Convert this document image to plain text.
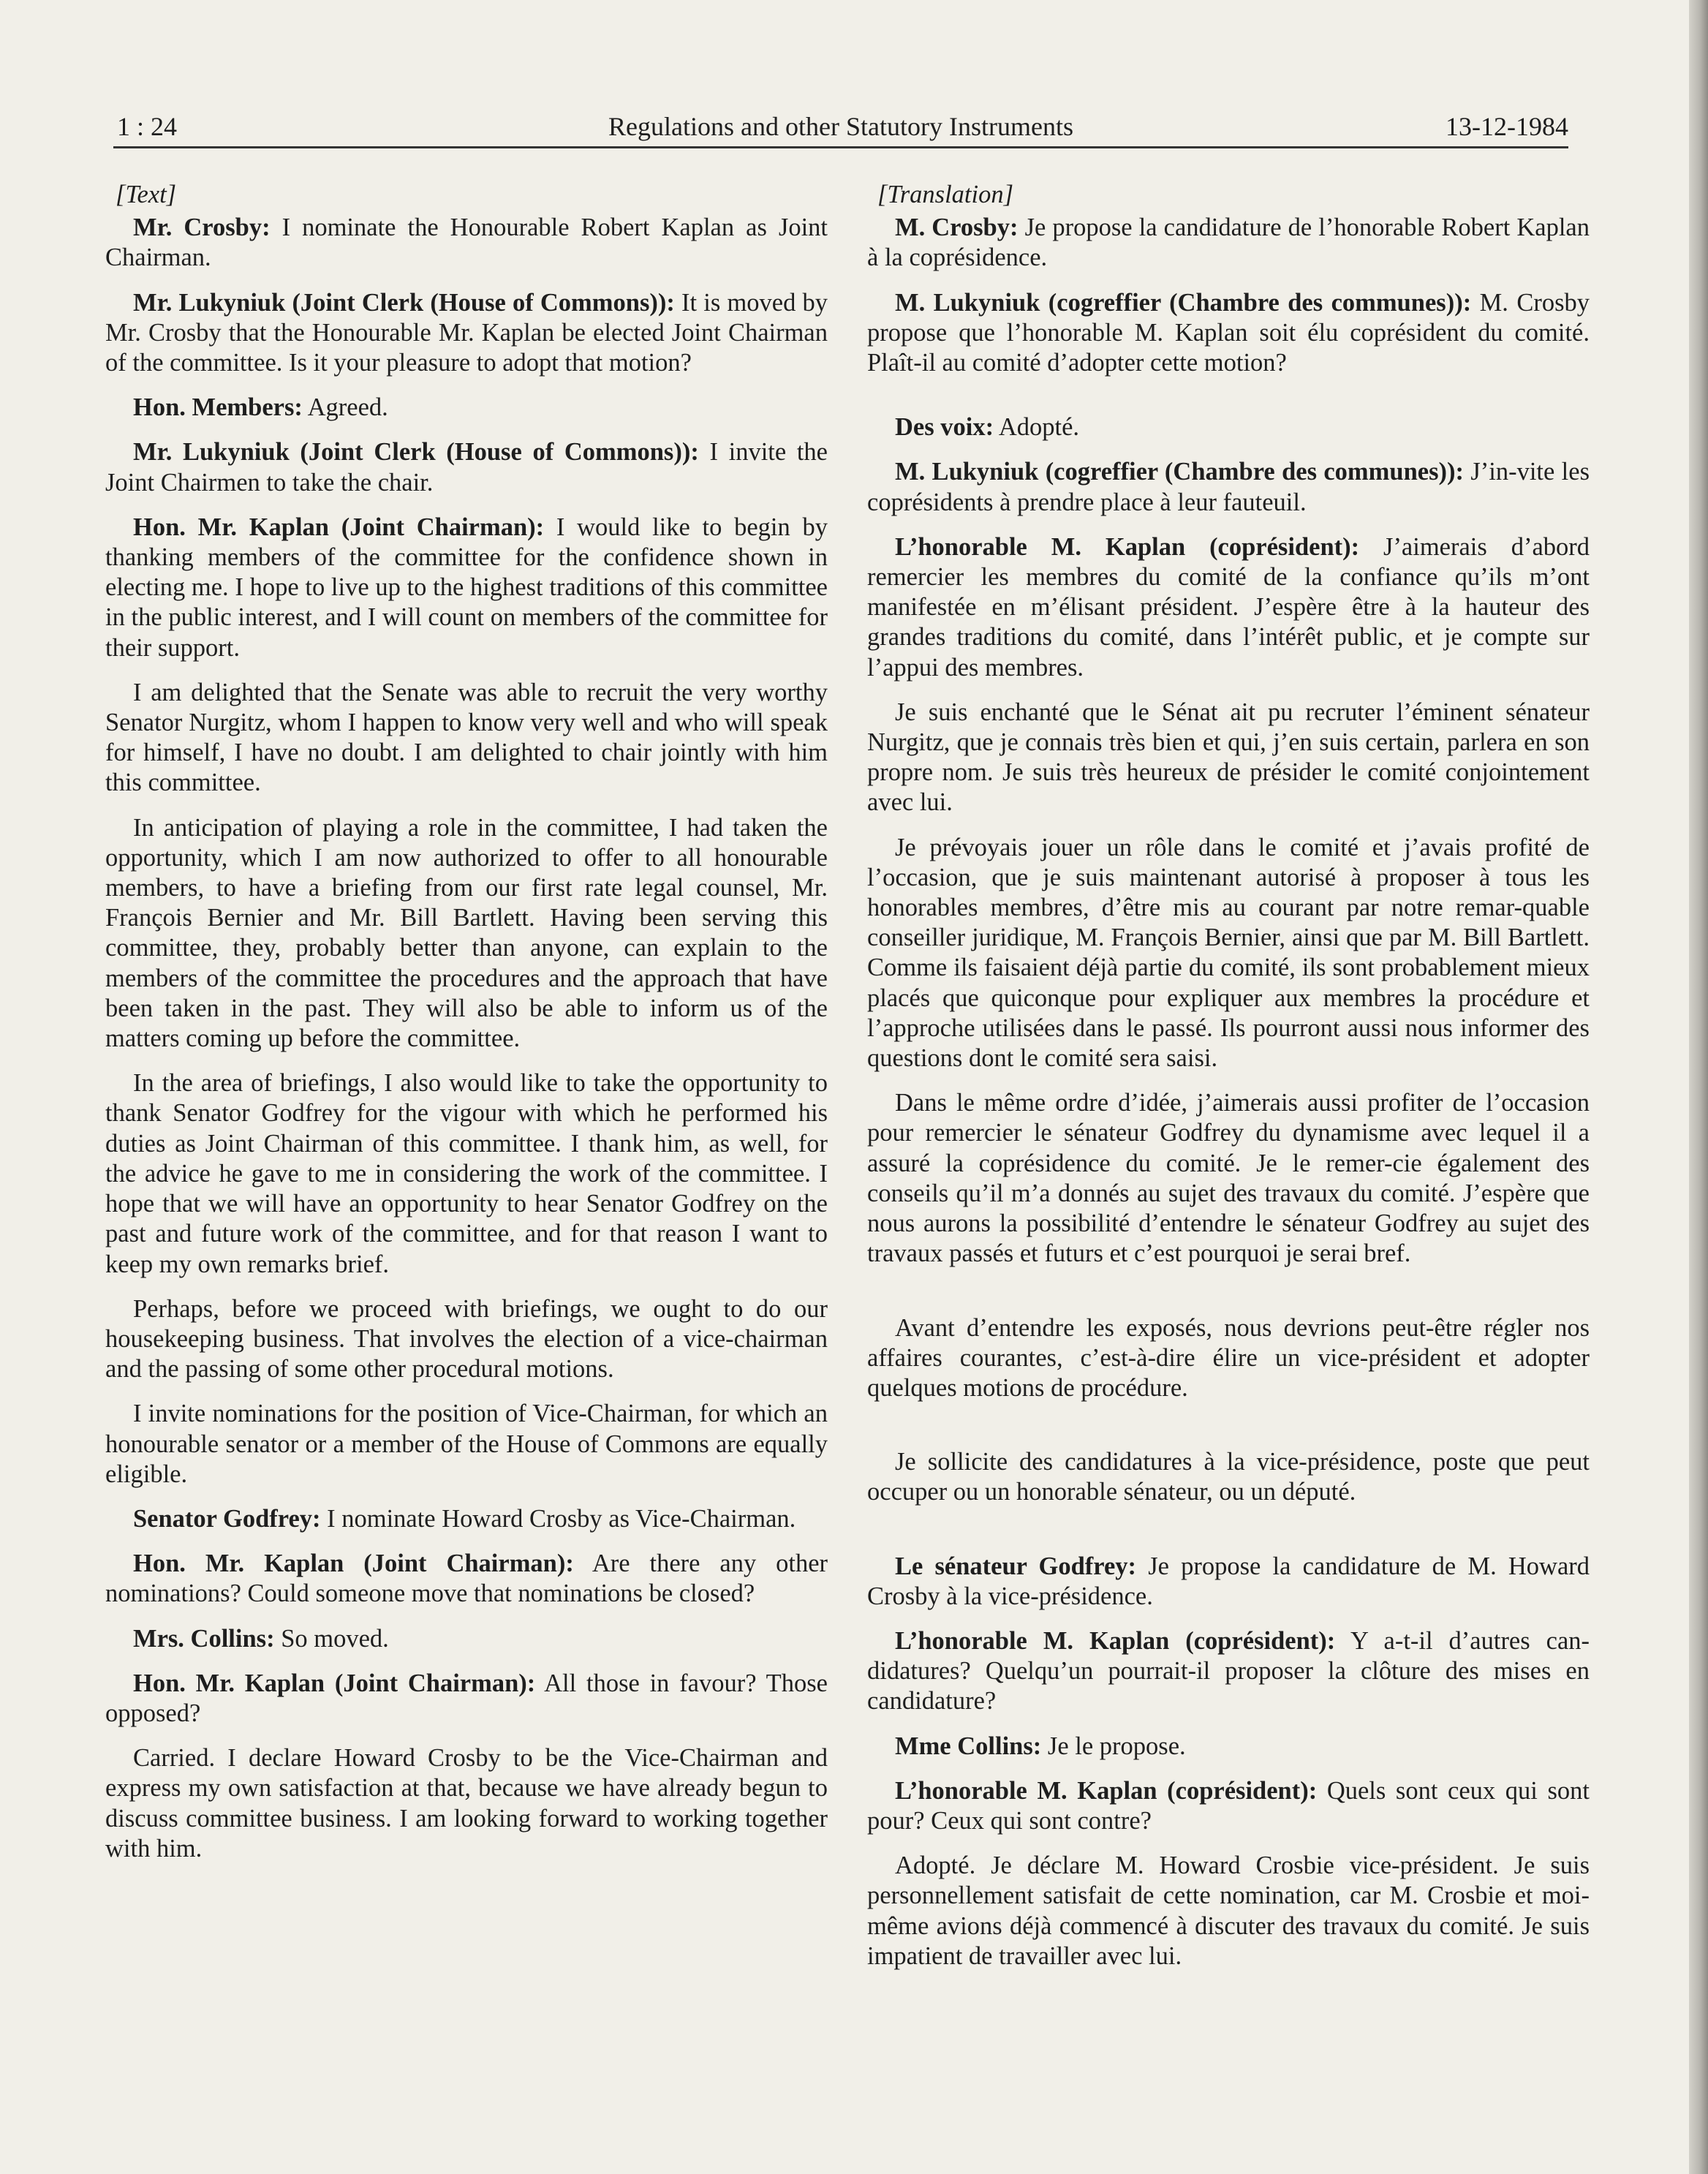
1 : 24	Regulations and other Statutory Instruments	13-12-1984

[Text]

Mr. Crosby: I nominate the Honourable Robert Kaplan as Joint Chairman.

Mr. Lukyniuk (Joint Clerk (House of Commons)): It is moved by Mr. Crosby that the Honourable Mr. Kaplan be elected Joint Chairman of the committee. Is it your pleasure to adopt that motion?

Hon. Members: Agreed.

Mr. Lukyniuk (Joint Clerk (House of Commons)): I invite the Joint Chairmen to take the chair.

Hon. Mr. Kaplan (Joint Chairman): I would like to begin by thanking members of the committee for the confidence shown in electing me. I hope to live up to the highest traditions of this committee in the public interest, and I will count on members of the committee for their support.

I am delighted that the Senate was able to recruit the very worthy Senator Nurgitz, whom I happen to know very well and who will speak for himself, I have no doubt. I am delighted to chair jointly with him this committee.

In anticipation of playing a role in the committee, I had taken the opportunity, which I am now authorized to offer to all honourable members, to have a briefing from our first rate legal counsel, Mr. François Bernier and Mr. Bill Bartlett. Having been serving this committee, they, probably better than anyone, can explain to the members of the committee the procedures and the approach that have been taken in the past. They will also be able to inform us of the matters coming up before the committee.

In the area of briefings, I also would like to take the opportunity to thank Senator Godfrey for the vigour with which he performed his duties as Joint Chairman of this committee. I thank him, as well, for the advice he gave to me in considering the work of the committee. I hope that we will have an opportunity to hear Senator Godfrey on the past and future work of the committee, and for that reason I want to keep my own remarks brief.

Perhaps, before we proceed with briefings, we ought to do our housekeeping business. That involves the election of a vice-chairman and the passing of some other procedural motions.

I invite nominations for the position of Vice-Chairman, for which an honourable senator or a member of the House of Commons are equally eligible.

Senator Godfrey: I nominate Howard Crosby as Vice-Chairman.

Hon. Mr. Kaplan (Joint Chairman): Are there any other nominations? Could someone move that nominations be closed?

Mrs. Collins: So moved.

Hon. Mr. Kaplan (Joint Chairman): All those in favour? Those opposed?

Carried. I declare Howard Crosby to be the Vice-Chairman and express my own satisfaction at that, because we have already begun to discuss committee business. I am looking forward to working together with him.

[Translation]

M. Crosby: Je propose la candidature de l’honorable Robert Kaplan à la coprésidence.

M. Lukyniuk (cogreffier (Chambre des communes)): M. Crosby propose que l’honorable M. Kaplan soit élu coprésident du comité. Plaît-il au comité d’adopter cette motion?

Des voix: Adopté.

M. Lukyniuk (cogreffier (Chambre des communes)): J’in-vite les coprésidents à prendre place à leur fauteuil.

L’honorable M. Kaplan (coprésident): J’aimerais d’abord remercier les membres du comité de la confiance qu’ils m’ont manifestée en m’élisant président. J’espère être à la hauteur des grandes traditions du comité, dans l’intérêt public, et je compte sur l’appui des membres.

Je suis enchanté que le Sénat ait pu recruter l’éminent sénateur Nurgitz, que je connais très bien et qui, j’en suis certain, parlera en son propre nom. Je suis très heureux de présider le comité conjointement avec lui.

Je prévoyais jouer un rôle dans le comité et j’avais profité de l’occasion, que je suis maintenant autorisé à proposer à tous les honorables membres, d’être mis au courant par notre remar-quable conseiller juridique, M. François Bernier, ainsi que par M. Bill Bartlett. Comme ils faisaient déjà partie du comité, ils sont probablement mieux placés que quiconque pour expliquer aux membres la procédure et l’approche utilisées dans le passé. Ils pourront aussi nous informer des questions dont le comité sera saisi.

Dans le même ordre d’idée, j’aimerais aussi profiter de l’occasion pour remercier le sénateur Godfrey du dynamisme avec lequel il a assuré la coprésidence du comité. Je le remer-cie également des conseils qu’il m’a donnés au sujet des travaux du comité. J’espère que nous aurons la possibilité d’entendre le sénateur Godfrey au sujet des travaux passés et futurs et c’est pourquoi je serai bref.

Avant d’entendre les exposés, nous devrions peut-être régler nos affaires courantes, c’est-à-dire élire un vice-président et adopter quelques motions de procédure.

Je sollicite des candidatures à la vice-présidence, poste que peut occuper ou un honorable sénateur, ou un député.

Le sénateur Godfrey: Je propose la candidature de M. Howard Crosby à la vice-présidence.

L’honorable M. Kaplan (coprésident): Y a-t-il d’autres can-didatures? Quelqu’un pourrait-il proposer la clôture des mises en candidature?

Mme Collins: Je le propose.

L’honorable M. Kaplan (coprésident): Quels sont ceux qui sont pour? Ceux qui sont contre?

Adopté. Je déclare M. Howard Crosbie vice-président. Je suis personnellement satisfait de cette nomination, car M. Crosbie et moi-même avions déjà commencé à discuter des travaux du comité. Je suis impatient de travailler avec lui.
